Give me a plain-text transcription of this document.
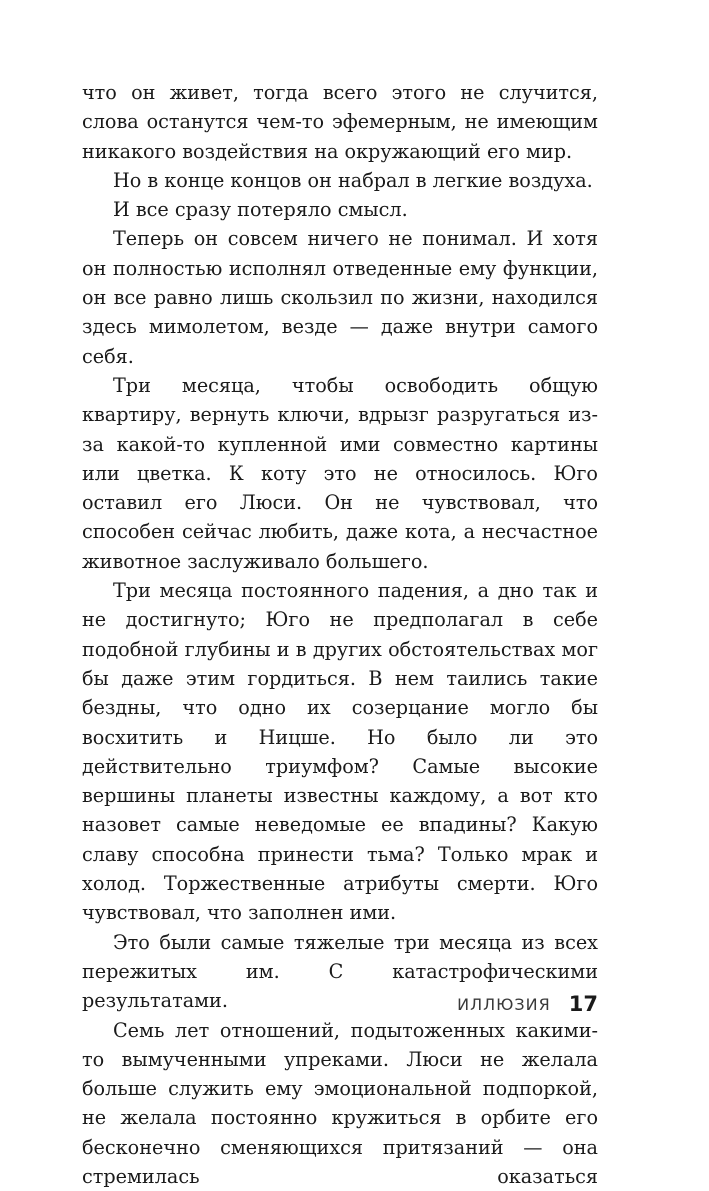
что он живет, тогда всего этого не случится, слова останутся чем-то эфемерным, не имеющим никакого воздействия на окружающий его мир.

Но в конце концов он набрал в легкие воздуха.

И все сразу потеряло смысл.

Теперь он совсем ничего не понимал. И хотя он полностью исполнял отведенные ему функции, он все равно лишь скользил по жизни, находился здесь мимолетом, везде — даже внутри самого себя.

Три месяца, чтобы освободить общую квартиру, вернуть ключи, вдрызг разругаться из-за какой-то купленной ими совместно картины или цветка. К коту это не относилось. Юго оставил его Люси. Он не чувствовал, что способен сейчас любить, даже кота, а несчастное животное заслуживало большего.

Три месяца постоянного падения, а дно так и не достигнуто; Юго не предполагал в себе подобной глубины и в других обстоятельствах мог бы даже этим гордиться. В нем таились такие бездны, что одно их созерцание могло бы восхитить и Ницше. Но было ли это действительно триумфом? Самые высокие вершины планеты известны каждому, а вот кто назовет самые неведомые ее впадины? Какую славу способна принести тьма? Только мрак и холод. Торжественные атрибуты смерти. Юго чувствовал, что заполнен ими.

Это были самые тяжелые три месяца из всех пережитых им. С катастрофическими результатами.

Семь лет отношений, подытоженных какими-то вымученными упреками. Люси не желала больше служить ему эмоциональной подпоркой, не желала постоянно кружиться в орбите его бесконечно сменяющихся притязаний — она стремилась оказаться

ИЛЛЮЗИЯ 17
